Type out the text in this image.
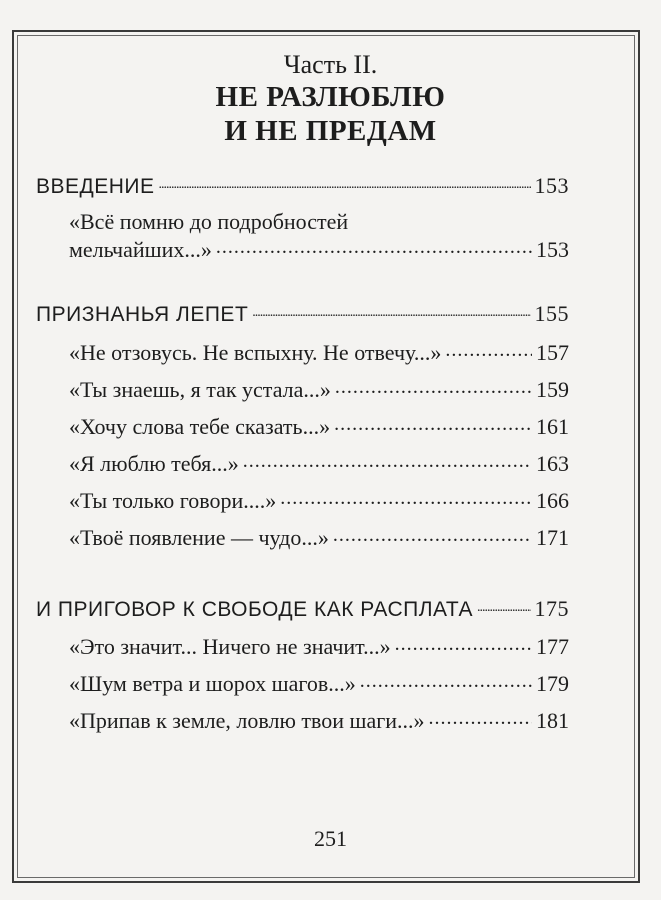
Часть II.
НЕ РАЗЛЮБЛЮ
И НЕ ПРЕДАМ
ВВЕДЕНИЕ .....	153
«Всё помню до подробностей
мельчайших...» .....	153
ПРИЗНАНЬЯ ЛЕПЕТ .....	155
«Не отзовусь. Не вспыхну. Не отвечу...» .....	157
«Ты знаешь, я так устала...» .....	159
«Хочу слова тебе сказать...» .....	161
«Я люблю тебя...» .....	163
«Ты только говори....» .....	166
«Твоё появление — чудо...» .....	171
И ПРИГОВОР К СВОБОДЕ КАК РАСПЛАТА .....	175
«Это значит... Ничего не значит...» .....	177
«Шум ветра и шорох шагов...» .....	179
«Припав к земле, ловлю твои шаги...» .....	181
251
